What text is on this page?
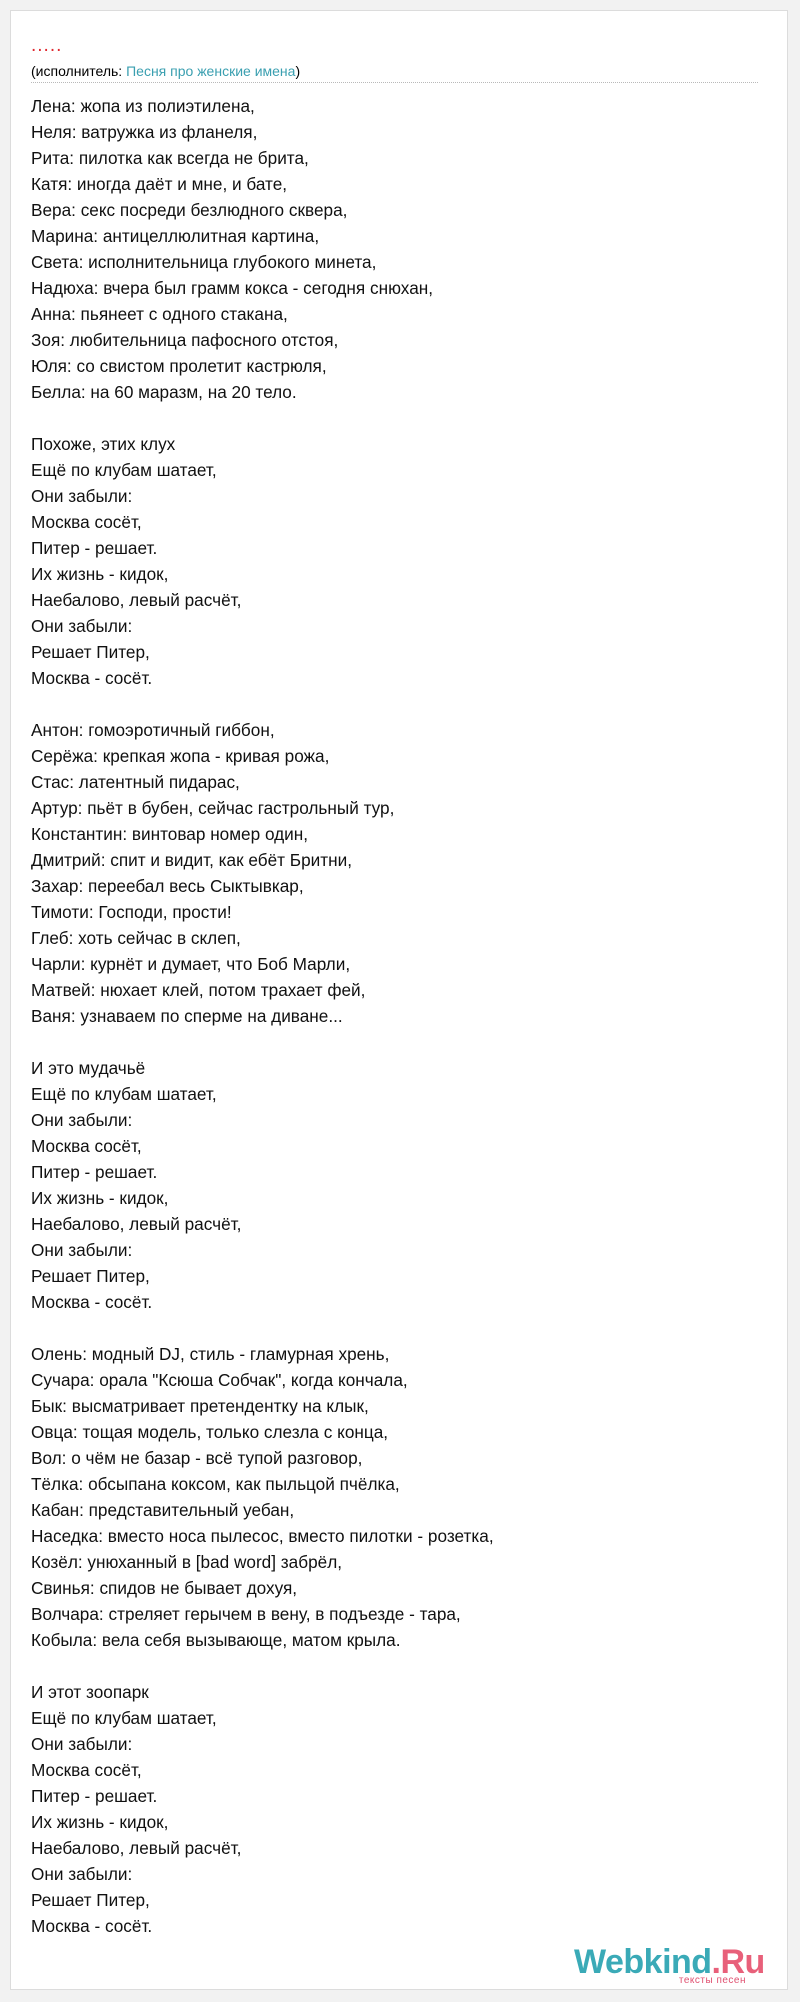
.....
(исполнитель: Песня про женские имена)
Лена: жопа из полиэтилена,
Неля: ватружка из фланеля,
Рита: пилотка как всегда не брита,
Катя: иногда даёт и мне, и бате,
Вера: секс посреди безлюдного сквера,
Марина: антицеллюлитная картина,
Света: исполнительница глубокого минета,
Надюха: вчера был грамм кокса - сегодня снюхан,
Анна: пьянеет с одного стакана,
Зоя: любительница пафосного отстоя,
Юля: со свистом пролетит кастрюля,
Белла: на 60 маразм, на 20 тело.
Похоже, этих клух
Ещё по клубам шатает,
Они забыли:
Москва сосёт,
Питер - решает.
Их жизнь - кидок,
Наебалово, левый расчёт,
Они забыли:
Решает Питер,
Москва - сосёт.
Антон: гомоэротичный гиббон,
Серёжа: крепкая жопа - кривая рожа,
Стас: латентный пидарас,
Артур: пьёт в бубен, сейчас гастрольный тур,
Константин: винтовар номер один,
Дмитрий: спит и видит, как ебёт Бритни,
Захар: переебал весь Сыктывкар,
Тимоти: Господи, прости!
Глеб: хоть сейчас в склеп,
Чарли: курнёт и думает, что Боб Марли,
Матвей: нюхает клей, потом трахает фей,
Ваня: узнаваем по сперме на диване...
И это мудачьё
Ещё по клубам шатает,
Они забыли:
Москва сосёт,
Питер - решает.
Их жизнь - кидок,
Наебалово, левый расчёт,
Они забыли:
Решает Питер,
Москва - сосёт.
Олень: модный DJ, стиль - гламурная хрень,
Сучара: орала "Ксюша Собчак", когда кончала,
Бык: высматривает претендентку на клык,
Овца: тощая модель, только слезла с конца,
Вол: о чём не базар - всё тупой разговор,
Тёлка: обсыпана коксом, как пыльцой пчёлка,
Кабан: представительный уебан,
Наседка: вместо носа пылесос, вместо пилотки - розетка,
Козёл: унюханный в [bad word] забрёл,
Свинья: спидов не бывает дохуя,
Волчара: стреляет герычем в вену, в подъезде - тара,
Кобыла: вела себя вызывающе, матом крыла.
И этот зоопарк
Ещё по клубам шатает,
Они забыли:
Москва сосёт,
Питер - решает.
Их жизнь - кидок,
Наебалово, левый расчёт,
Они забыли:
Решает Питер,
Москва - сосёт.
Webkind.Ru
тексты песен
